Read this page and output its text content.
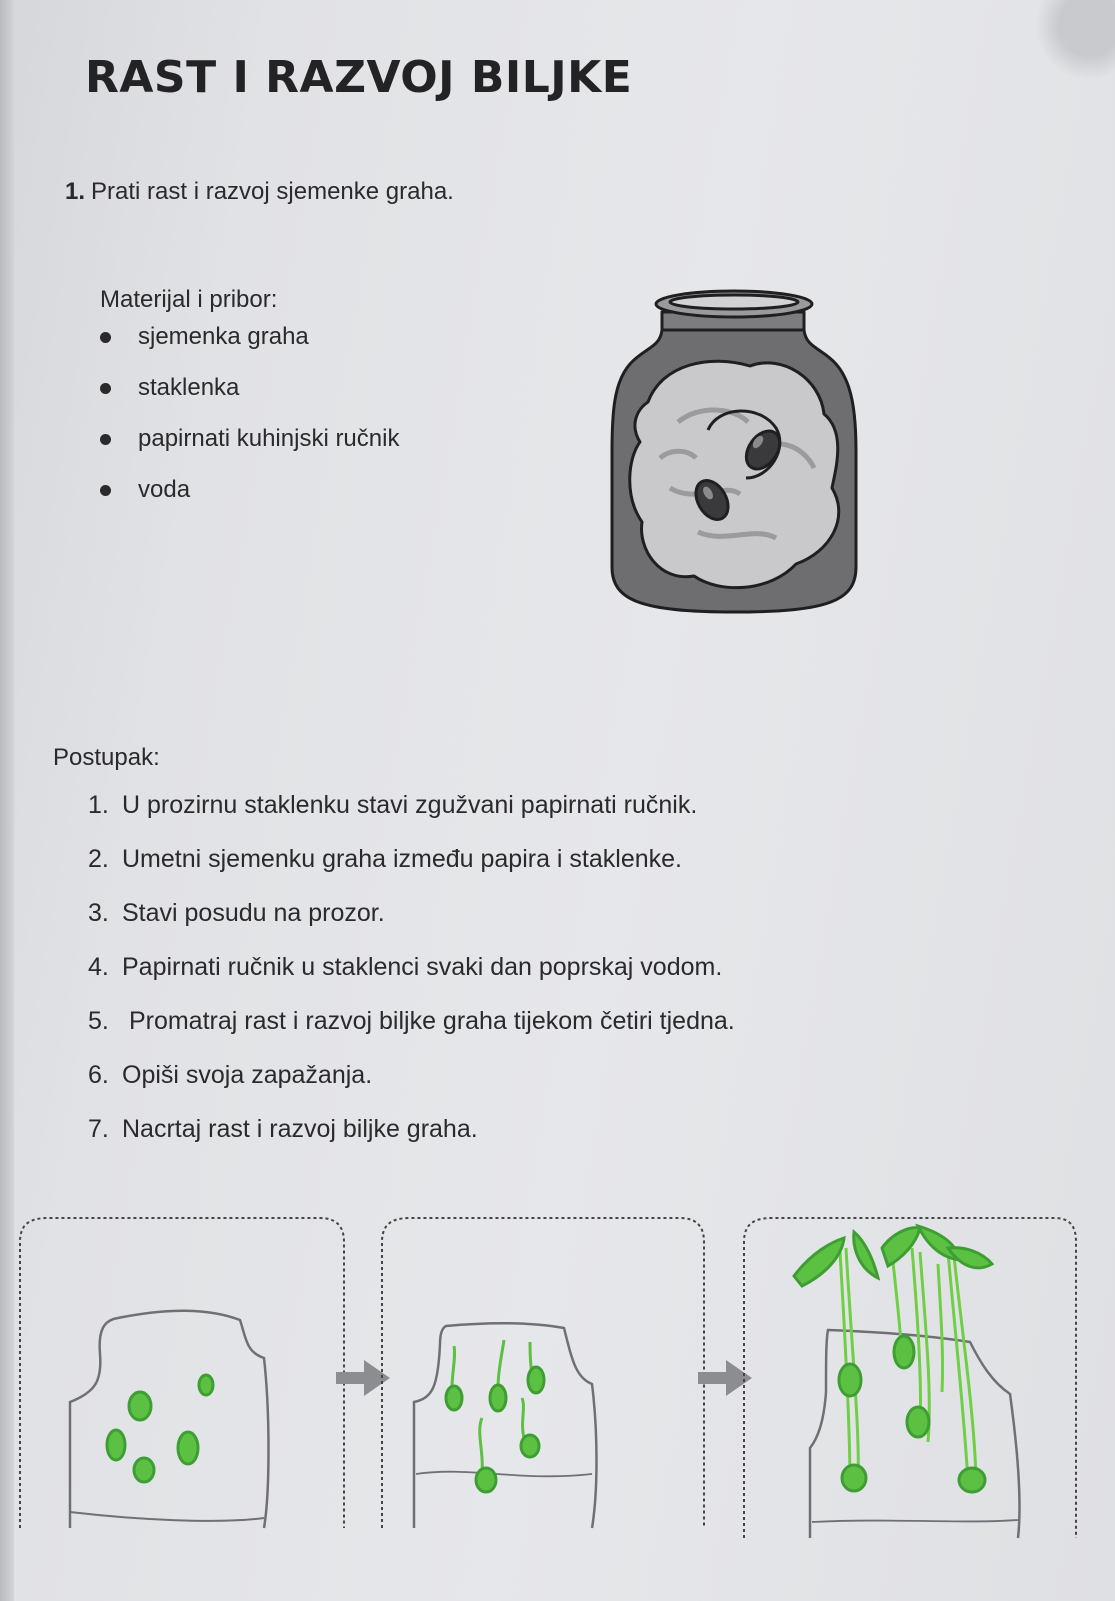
RAST I RAZVOJ BILJKE
1. Prati rast i razvoj sjemenke graha.
Materijal i pribor:
sjemenka graha
staklenka
papirnati kuhinjski ručnik
voda
Postupak:
1. U prozirnu staklenku stavi zgužvani papirnati ručnik.
2. Umetni sjemenku graha između papira i staklenke.
3. Stavi posudu na prozor.
4. Papirnati ručnik u staklenci svaki dan poprskaj vodom.
5. Promatraj rast i razvoj biljke graha tijekom četiri tjedna.
6. Opiši svoja zapažanja.
7. Nacrtaj rast i razvoj biljke graha.
